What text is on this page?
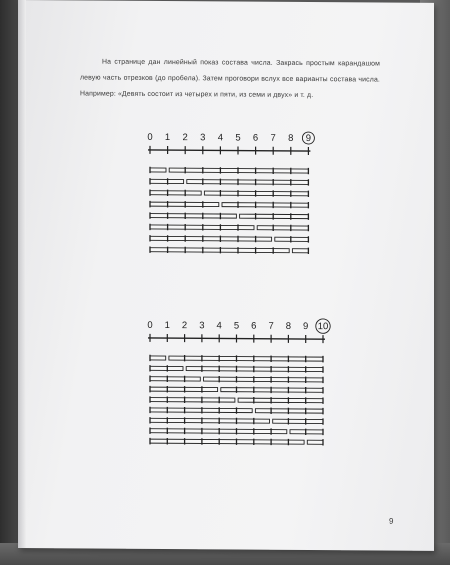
На странице дан линейный показ состава числа. Закрась простым карандашом левую часть отрезков (до пробела). Затем проговори вслух все варианты состава числа. Например: «Девять состоит из четырех и пяти, из семи и двух» и т. д.
0 1 2 3 4 5 6 7 8 9
0 1 2 3 4 5 6 7 8 9 10
9
